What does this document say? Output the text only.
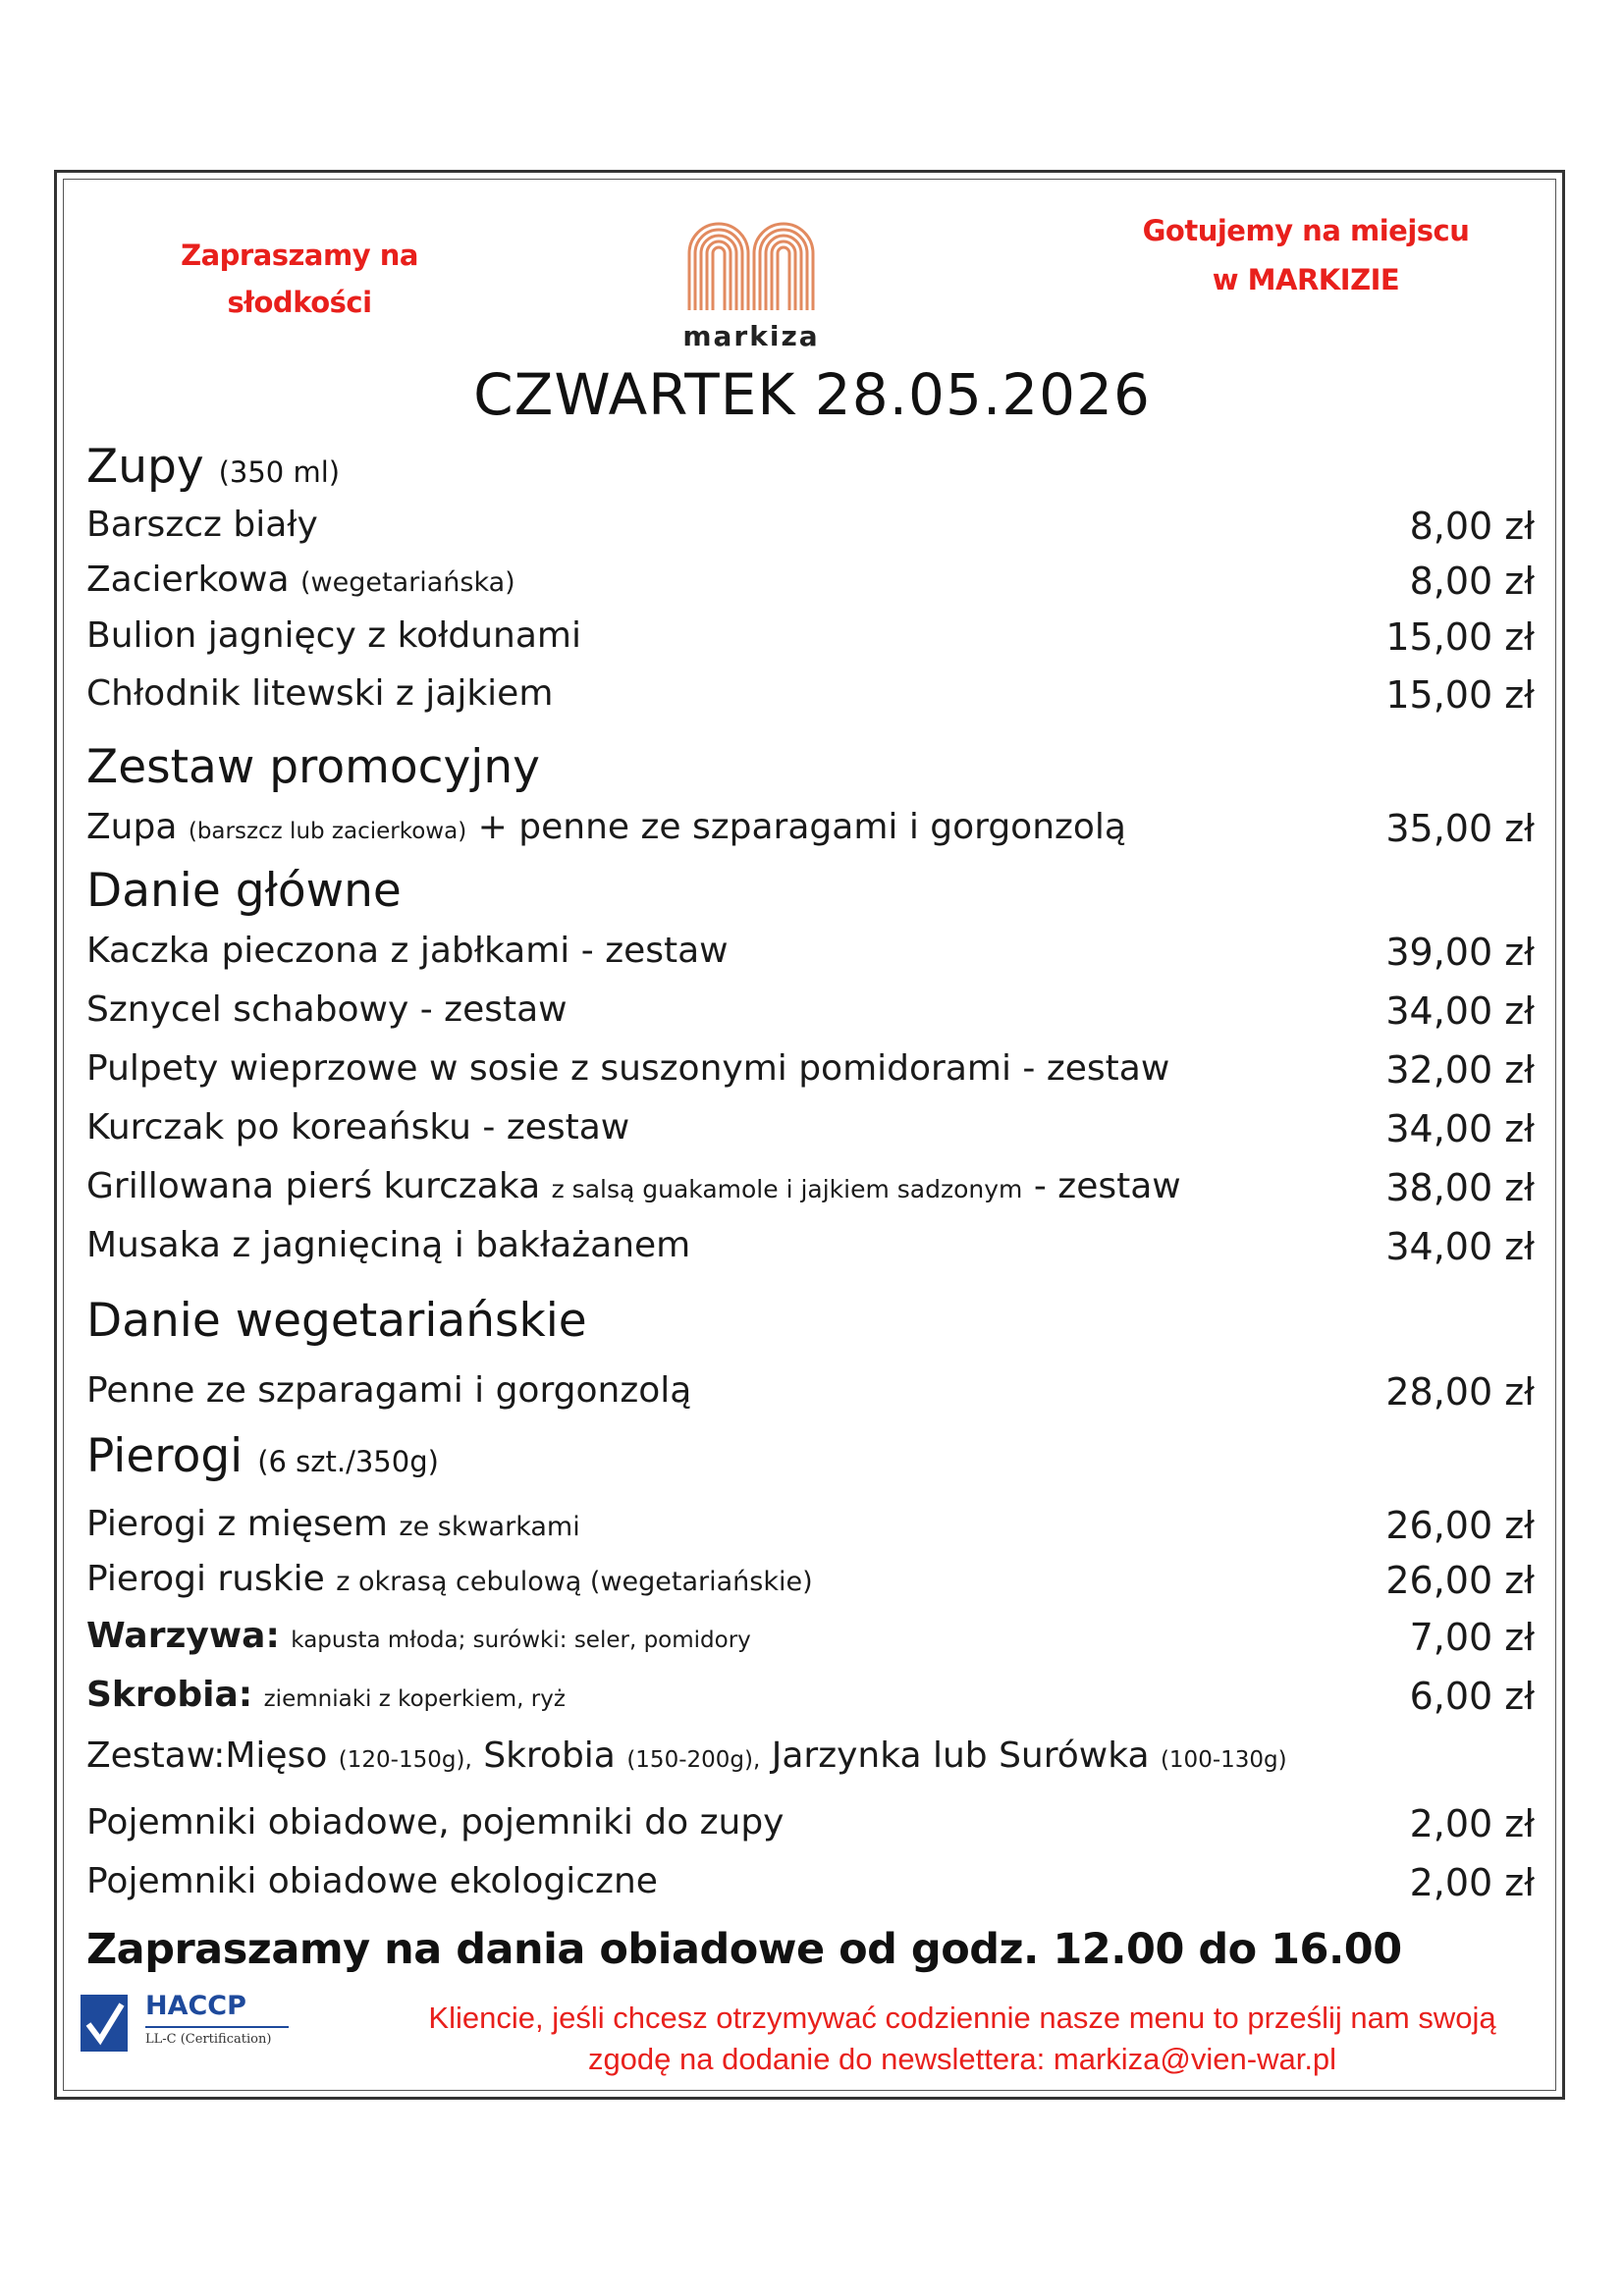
Zapraszamy na
słodkości
Gotujemy na miejscu
w MARKIZIE
markiza
CZWARTEK 28.05.2026
Zupy (350 ml)
Barszcz biały	8,00 zł
Zacierkowa (wegetariańska)	8,00 zł
Bulion jagnięcy z kołdunami	15,00 zł
Chłodnik litewski z jajkiem	15,00 zł
Zestaw promocyjny
Zupa (barszcz lub zacierkowa) + penne ze szparagami i gorgonzolą	35,00 zł
Danie główne
Kaczka pieczona z jabłkami - zestaw	39,00 zł
Sznycel schabowy - zestaw	34,00 zł
Pulpety wieprzowe w sosie z suszonymi pomidorami - zestaw	32,00 zł
Kurczak po koreańsku - zestaw	34,00 zł
Grillowana pierś kurczaka z salsą guakamole i jajkiem sadzonym - zestaw	38,00 zł
Musaka z jagnięciną i bakłażanem	34,00 zł
Danie wegetariańskie
Penne ze szparagami i gorgonzolą	28,00 zł
Pierogi (6 szt./350g)
Pierogi z mięsem ze skwarkami	26,00 zł
Pierogi ruskie z okrasą cebulową (wegetariańskie)	26,00 zł
Warzywa: kapusta młoda; surówki: seler, pomidory	7,00 zł
Skrobia: ziemniaki z koperkiem, ryż	6,00 zł
Zestaw:Mięso (120-150g), Skrobia (150-200g), Jarzynka lub Surówka (100-130g)
Pojemniki obiadowe, pojemniki do zupy	2,00 zł
Pojemniki obiadowe ekologiczne	2,00 zł
Zapraszamy na dania obiadowe od godz. 12.00 do 16.00
HACCP
LL-C (Certification)
Kliencie, jeśli chcesz otrzymywać codziennie nasze menu to prześlij nam swoją
zgodę na dodanie do newslettera: markiza@vien-war.pl
